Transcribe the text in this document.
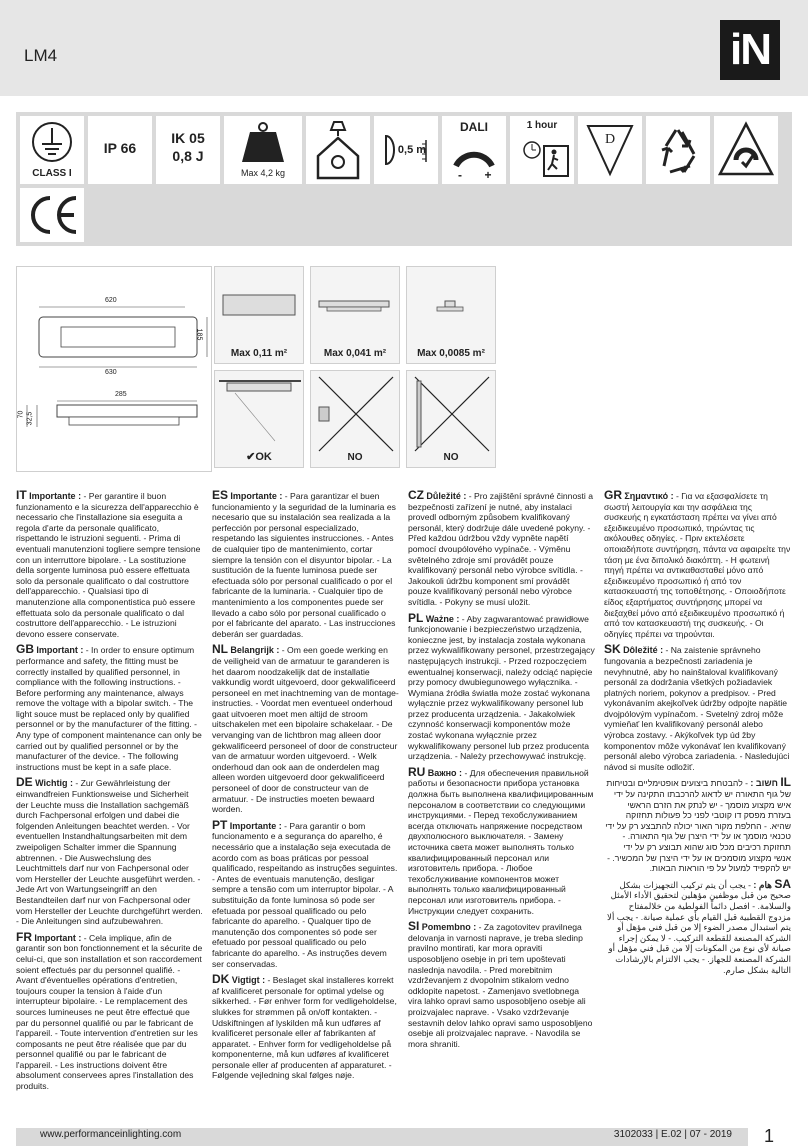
LM4	iN
CLASS I
IP 66
IK 05
0,8 J
Max 4,2 kg
0,5 m
DALI
-	+
1 hour
D
620
630
185
285
70 32,5
Max 0,11 m²	Max 0,041 m²	Max 0,0085 m²
✔OK	NO	NO
IT Importante : - Per garantire il buon funzionamento e la sicurezza dell'apparecchio è necessario che l'installazione sia eseguita a regola d'arte da personale qualificato, rispettando le istruzioni seguenti. - Prima di eventuali manutenzioni togliere sempre tensione con un interruttore bipolare. - La sostituzione della sorgente luminosa può essere effettuata solo da personale qualificato o dal costruttore dell'apparecchio. - Qualsiasi tipo di manutenzione alla componentistica può essere effettuata solo da personale qualificato o dal costruttore dell'apparecchio. - Le istruzioni devono essere conservate.
GB Important : - In order to ensure optimum performance and safety, the fitting must be correctly installed by qualified personnel, in compliance with the following instructions. - Before performing any maintenance, always remove the voltage with a bipolar switch. - The light souce must be replaced only by qualified personnel or by the manufacturer of the fitting. - Any type of component maintenance can only be carried out by qualified personnel or by the manufacturer of the device. - The following instructions must be kept in a safe place.
DE Wichtig : - Zur Gewährleistung der einwandfreien Funktionsweise und Sicherheit der Leuchte muss die Installation sachgemäß durch Fachpersonal erfolgen und dabei die folgenden Anleitungen beachtet werden. - Vor eventuellen Instandhaltungsarbeiten mit dem zweipoligen Schalter immer die Spannung abtrennen. - Die Auswechslung des Leuchtmittels darf nur von Fachpersonal oder vom Hersteller der Leuchte ausgeführt werden. - Jede Art von Wartungseingriff an den Bestandteilen darf nur von Fachpersonal oder vom Hersteller der Leuchte durchgeführt werden. - Die Anleitungen sind aufzubewahren.
FR Important : - Cela implique, afin de garantir son bon fonctionnement et la sécurite de celui-ci, que son installation et son raccordement soient effectués par du personnel qualifié. - Avant d'éventuelles opérations d'entretien, toujours couper la tension à l'aide d'un interrupteur bipolaire. - Le remplacement des sources lumineuses ne peut être effectué que par du personnel qualifié ou par le fabricant de l'appareil. - Toute intervention d'entretien sur les composants ne peut être réalisée que par du personnel qualifié ou par le fabricant de l'appareil. - Les instructions doivent être absolument conservees apres l'installation des produits.
ES Importante : - Para garantizar el buen funcionamiento y la seguridad de la luminaria es necesario que su instalación sea realizada a la perfección por personal especializado, respetando las siguientes instrucciones. - Antes de cualquier tipo de mantenimiento, cortar siempre la tensión con el disyuntor bipolar. - La sustitución de la fuente luminosa puede ser efectuada sólo por personal cualificado o por el fabricante de la luminaria. - Cualquier tipo de mantenimiento a los componentes puede ser llevado a cabo sólo por personal cualificado o por el fabricante del aparato. - Las instrucciones deberán ser guardadas.
NL Belangrijk : - Om een goede werking en de veiligheid van de armatuur te garanderen is het daarom noodzakelijk dat de installatie vakkundig wordt uitgevoerd, door gekwalificeerd personeel en met inachtneming van de montage-instructies. - Voordat men eventueel onderhoud gaat uitvoeren moet men altijd de stroom uitschakelen met een bipolaire schakelaar. - De vervanging van de lichtbron mag alleen door gekwalificeerd personeel of door de constructeur van de armatuur worden uitgevoerd. - Welk onderhoud dan ook aan de onderdelen mag alleen worden uitgevoerd door gekwalificeerd personeel of door de constructeur van de armatuur. - De instructies moeten bewaard worden.
PT Importante : - Para garantir o bom funcionamento e a segurança do aparelho, é necessário que a instalação seja executada de acordo com as boas práticas por pessoal qualificado, respeitando as instruções seguintes. - Antes de eventuais manutenção, desligar sempre a tensão com um interruptor bipolar. - A substituição da fonte luminosa só pode ser efetuada por pessoal qualificado ou pelo fabricante do aparelho. - Qualquer tipo de manutenção dos componentes só pode ser efetuado por pessoal qualificado ou pelo fabricante do aparelho. - As instruções devem ser conservadas.
DK Vigtigt : - Beslaget skal installeres korrekt af kvalificeret personale for optimal ydelse og sikkerhed. - Før enhver form for vedligeholdelse, slukkes for strømmen på on/off kontakten. - Udskiftningen af lyskilden må kun udføres af kvalificeret personale eller af fabrikanten af apparatet. - Enhver form for vedligeholdelse på komponenterne, må kun udføres af kvalificeret personale eller af producenten af apparaturet. - Følgende vejledning skal følges nøje.
CZ Důležité : - Pro zajištění správné činnosti a bezpečnosti zařízení je nutné, aby instalaci provedl odborným způsobem kvalifikovaný personál, který dodržuje dále uvedené pokyny. - Před každou údržbou vždy vypněte napětí pomocí dvoupólového vypínače. - Výměnu světelného zdroje smí provádět pouze kvalifikovaný personál nebo výrobce svítidla. - Jakoukoli údržbu komponent smí provádět pouze kvalifikovaný personál nebo výrobce svítidla. - Pokyny se musí uložit.
PL Ważne : - Aby zagwarantować prawidłowe funkcjonowanie i bezpieczeństwo urządzenia, konieczne jest, by instalacja została wykonana przez wykwalifikowany personel, przestrzegający następujących instrukcji. - Przed rozpoczęciem ewentualnej konserwacji, należy odciąć napięcie przy pomocy dwubiegunowego wyłącznika. - Wymiana źródła światła może zostać wykonana wyłącznie przez wykwalifikowany personel lub przez producenta urządzenia. - Jakakolwiek czynność konserwacji komponentów może zostać wykonana wyłącznie przez wykwalifikowany personel lub przez producenta urządzenia. - Należy przechowywać instrukcję.
RU Важно : - Для обеспечения правильной работы и безопасности прибора установка должна быть выполнена квалифицированным персоналом в соответствии со следующими инструкциями. - Перед техобслуживанием всегда отключать напряжение посредством двухполюсного выключателя. - Замену источника света может выполнять только квалифицированный персонал или изготовитель прибора. - Любое техобслуживание компонентов может выполнять только квалифицированный персонал или изготовитель прибора. - Инструкции следует сохранить.
SI Pomembno : - Za zagotovitev pravilnega delovanja in varnosti naprave, je treba sledinp pravilno montirati, kar mora opraviti usposobljeno osebje in pri tem upoštevati naslednja navodila. - Pred morebitnim vzdrževanjem z dvopolnim stikalom vedno odklopite napetost. - Zamenjavo svetlobnega vira lahko opravi samo usposobljeno osebje ali proizvajalec naprave. - Vsako vzdrževanje sestavnih delov lahko opravi samo usposobljeno osebje ali proizvajalec naprave. - Navodila se mora shraniti.
GR Σημαντικό : - Για να εξασφαλίσετε τη σωστή λειτουργία και την ασφάλεια της συσκευής η εγκατάσταση πρέπει να γίνει από εξειδικευμένο προσωπικό, τηρώντας τις ακόλουθες οδηγίες. - Πριν εκτελέσετε οποιαδήποτε συντήρηση, πάντα να αφαιρείτε την τάση με ένα διπολικό διακόπτη. - Η φωτεινή πηγή πρέπει να αντικαθασταθεί μόνο από εξειδικευμένο προσωπικό ή από τον κατασκευαστή της τοποθέτησης. - Οποιοδήποτε είδος εξαρτήματος συντήρησης μπορεί να διεξαχθεί μόνο από εξειδικευμένο προσωπικό ή από τον κατασκευαστή της συσκευής. - Οι οδηγίες πρέπει να τηρούνται.
SK Dôležité : - Na zaistenie správneho fungovania a bezpečnosti zariadenia je nevyhnutné, aby ho nainštaloval kvalifikovaný personál za dodržania všetkých požiadaviek platných noriem, pokynov a predpisov. - Pred vykonávaním akejkoľvek údržby odpojte napätie dvojpólovým vypínačom. - Svetelný zdroj môže vymieňať len kvalifikovaný personál alebo výrobca zostavy. - Akýkoľvek typ úd žby komponentov môže vykonávať len kvalifikovaný personál alebo výrobca zariadenia. - Nasledujúci návod si musíte odložiť.
IL חשוב : - להבטחת ביצועים אופטימליים ובטיחות של גוף התאורה יש לדאוג להרכבתו התקינה על ידי איש מקצוע מוסמך - יש לנתק את הזרם הראשי בעזרת מפסק דו קוטבי לפני כל פעולות תחזוקה שהיא. - החלפת מקור האור יכולה להתבצע רק על ידי טכנאי מוסמך או על ידי היצרן של גוף התאורה. - תחזוקת רכיבים מכל סוג שהוא תבוצע רק על ידי אנשי מקצוע מוסמכים או על ידי היצרן של המכשיר. - יש להקפיד למעול על פי הוראות הבאות.
SA هام : - يجب أن يتم تركيب التجهيزات بشكل صحيح من قبل موظفين مؤهلين لتحقيق الأداء الأمثل والسلامة. - افصل دائماً الفولطية من خلالمفتاح مزدوج القطبية قبل القيام بأي عملية صيانة. - يجب ألا يتم استبدال مصدر الضوء إلا من قبل فني مؤهل أو الشركة المصنعة للقطعة التركيب. - لا يمكن إجراء صيانة لأي نوع من المكونات إلا من قبل فني مؤهل أو الشركة المصنعة للجهاز. - يجب الالتزام بالإرشادات التالية بشكل صارم.
www.performanceinlighting.com	3102033 | E.02 | 07 - 2019 1
